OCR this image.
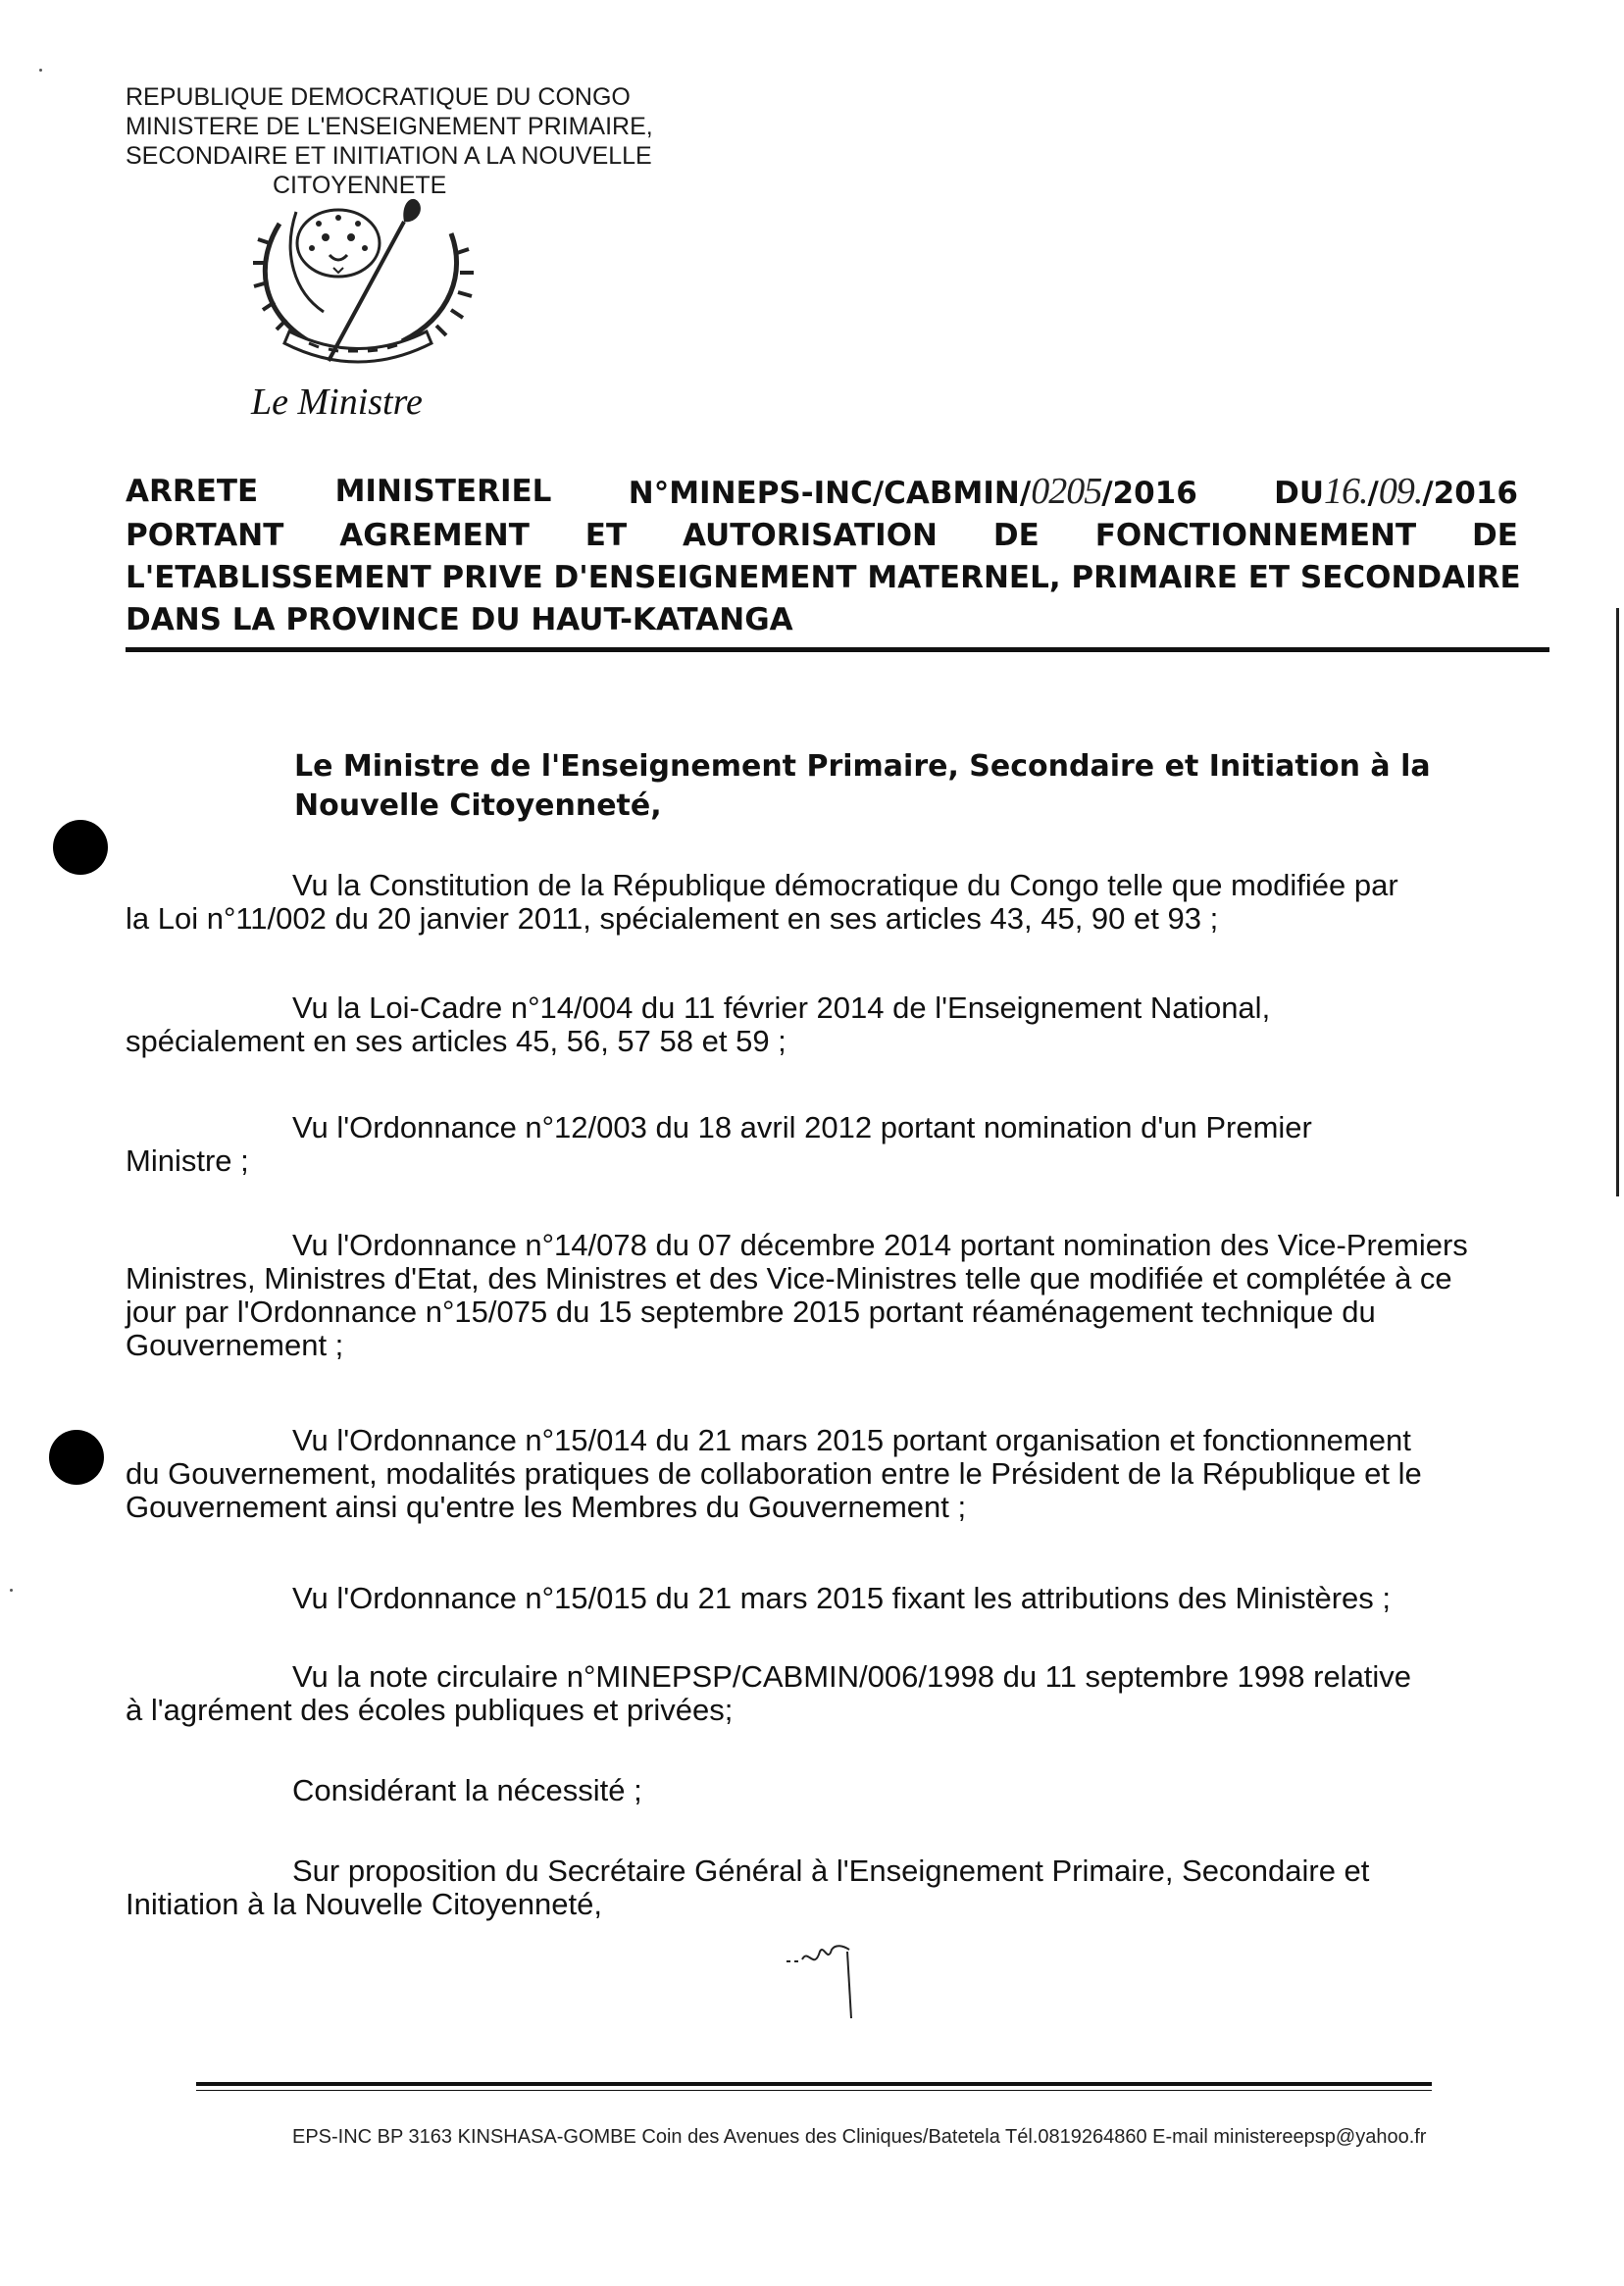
REPUBLIQUE DEMOCRATIQUE DU CONGO
MINISTERE DE L'ENSEIGNEMENT PRIMAIRE,
SECONDAIRE ET INITIATION A LA NOUVELLE
CITOYENNETE
Le Ministre
ARRETE	MINISTERIEL	N°MINEPS-INC/CABMIN/0205/2016	DU16./09./2016
PORTANT AGREMENT ET AUTORISATION DE FONCTIONNEMENT DE
L'ETABLISSEMENT PRIVE D'ENSEIGNEMENT MATERNEL, PRIMAIRE ET SECONDAIRE
DANS LA PROVINCE DU HAUT-KATANGA
Le Ministre de l'Enseignement Primaire, Secondaire et Initiation à la
Nouvelle Citoyenneté,
Vu la Constitution de la République démocratique du Congo telle que modifiée par
la Loi n°11/002 du 20 janvier 2011, spécialement en ses articles 43, 45, 90 et 93 ;
Vu la Loi-Cadre n°14/004 du 11 février 2014 de l'Enseignement National,
spécialement en ses articles 45, 56, 57 58 et 59 ;
Vu l'Ordonnance n°12/003 du 18 avril 2012 portant nomination d'un Premier
Ministre ;
Vu l'Ordonnance n°14/078 du 07 décembre 2014 portant nomination des Vice-Premiers
Ministres, Ministres d'Etat, des Ministres et des Vice-Ministres telle que modifiée et complétée à ce
jour par l'Ordonnance n°15/075 du 15 septembre 2015 portant réaménagement technique du
Gouvernement ;
Vu l'Ordonnance n°15/014 du 21 mars 2015 portant organisation et fonctionnement
du Gouvernement, modalités pratiques de collaboration entre le Président de la République et le
Gouvernement ainsi qu'entre les Membres du Gouvernement ;
Vu l'Ordonnance n°15/015 du 21 mars 2015 fixant les attributions des Ministères ;
Vu la note circulaire n°MINEPSP/CABMIN/006/1998 du 11 septembre 1998 relative
à l'agrément des écoles publiques et privées;
Considérant la nécessité ;
Sur proposition du Secrétaire Général à l'Enseignement Primaire, Secondaire et
Initiation à la Nouvelle Citoyenneté,
EPS-INC BP 3163 KINSHASA-GOMBE Coin des Avenues des Cliniques/Batetela Tél.0819264860 E-mail ministereepsp@yahoo.fr
